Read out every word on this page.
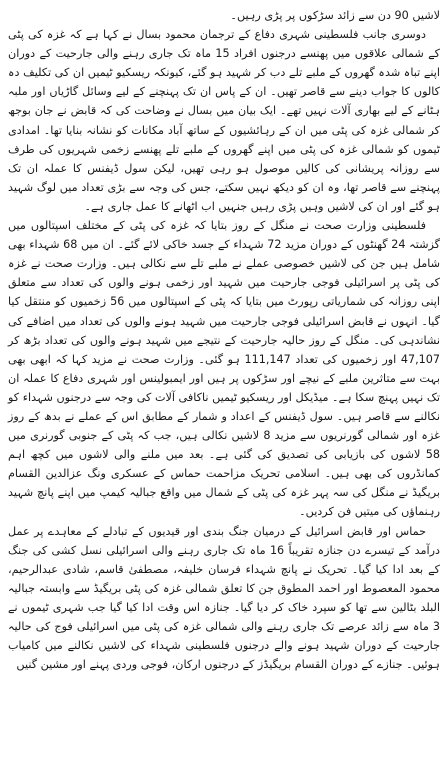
لاشیں 90 دن سے زائد سڑکوں پر پڑی رہیں۔

دوسری جانب فلسطینی شہری دفاع کے ترجمان محمود بسال نے کہا ہے کہ غزہ کی پٹی کے شمالی علاقوں میں پھنسے درجنوں افراد 15 ماہ تک جاری رہنے والی جارحیت کے دوران اپنے تباہ شدہ گھروں کے ملبے تلے دب کر شہید ہو گئے، کیونکہ ریسکیو ٹیمیں ان کی تکلیف دہ کالوں کا جواب دینے سے قاصر تھیں۔ ان کے پاس ان تک پہنچنے کے لیے وسائل گاڑیاں اور ملبہ ہٹانے کے لیے بھاری آلات نہیں تھے۔ ایک بیان میں بسال نے وضاحت کی کہ قابض نے جان بوجھ کر شمالی غزہ کی پٹی میں ان کے رہائشیوں کے ساتھ آباد مکانات کو نشانہ بنایا تھا۔ امدادی ٹیموں کو شمالی غزہ کی پٹی میں اپنے گھروں کے ملبے تلے پھنسے زخمی شہریوں کی طرف سے روزانہ پریشانی کی کالیں موصول ہو رہی تھیں، لیکن سول ڈیفنس کا عملہ ان تک پہنچنے سے قاصر تھا، وہ ان کو دیکھ نہیں سکتے، جس کی وجہ سے بڑی تعداد میں لوگ شہید ہو گئے اور ان کی لاشیں وہیں پڑی رہیں جنہیں اب اٹھانے کا عمل جاری ہے۔

فلسطینی وزارت صحت نے منگل کے روز بتایا کہ غزہ کی پٹی کے مختلف اسپتالوں میں گزشتہ 24 گھنٹوں کے دوران مزید 72 شہداء کے جسد خاکی لائے گئے۔ ان میں 68 شہداء بھی شامل ہیں جن کی لاشیں خصوصی عملے نے ملبے تلے سے نکالی ہیں۔ وزارت صحت نے غزہ کی پٹی پر اسرائیلی فوجی جارحیت میں شہید اور زخمی ہونے والوں کی تعداد سے متعلق اپنی روزانہ کی شماریاتی رپورٹ میں بتایا کہ پٹی کے اسپتالوں میں 56 زخمیوں کو منتقل کیا گیا۔ انہوں نے قابض اسرائیلی فوجی جارحیت میں شہید ہونے والوں کی تعداد میں اضافے کی نشاندہی کی۔ منگل کے روز حالیہ جارحیت کے نتیجے میں شہید ہونے والوں کی تعداد بڑھ کر 47,107 اور زخمیوں کی تعداد 111,147 ہو گئی۔ وزارت صحت نے مزید کہا کہ ابھی بھی بہت سے متاثرین ملبے کے نیچے اور سڑکوں پر ہیں اور ایمبولینس اور شہری دفاع کا عملہ ان تک نہیں پہنچ سکا ہے۔ میڈیکل اور ریسکیو ٹیمیں ناکافی آلات کی وجہ سے درجنوں شہداء کو نکالنے سے قاصر ہیں۔ سول ڈیفنس کے اعداد و شمار کے مطابق اس کے عملے نے بدھ کے روز غزہ اور شمالی گورنریوں سے مزید 8 لاشیں نکالی ہیں، جب کہ پٹی کے جنوبی گورنری میں 58 لاشوں کی بازیابی کی تصدیق کی گئی ہے۔ بعد میں ملنے والی لاشوں میں کچھ اہم کمانڈروں کی بھی ہیں۔ اسلامی تحریک مزاحمت حماس کے عسکری ونگ عزالدین القسام بریگیڈ نے منگل کی سہ پہر غزہ کی پٹی کے شمال میں واقع جبالیہ کیمپ میں اپنے پانچ شہید رہنماؤں کی میتیں فن کردیں۔

حماس اور قابض اسرائیل کے درمیان جنگ بندی اور قیدیوں کے تبادلے کے معاہدے پر عمل درآمد کے تیسرے دن جنازہ تقریباً 16 ماہ تک جاری رہنے والی اسرائیلی نسل کشی کی جنگ کے بعد ادا کیا گیا۔ تحریک نے پانچ شہداء فرسان خلیفہ، مصطفیٰ قاسم، شادی عبدالرحیم، محمود المعصوط اور احمد المطوق جن کا تعلق شمالی غزہ کی پٹی بریگیڈ سے وابستہ جبالیہ البلد بٹالین سے تھا کو سپرد خاک کر دیا گیا۔ جنازہ اس وقت ادا کیا گیا جب شہری ٹیموں نے 3 ماہ سے زائد عرصے تک جاری رہنے والی شمالی غزہ کی پٹی میں اسرائیلی فوج کی حالیہ جارحیت کے دوران شہید ہونے والے درجنوں فلسطینی شہداء کی لاشیں نکالنے میں کامیاب ہوئیں۔ جنازے کے دوران القسام بریگیڈز کے درجنوں ارکان، فوجی وردی پہنے اور مشین گنیں
